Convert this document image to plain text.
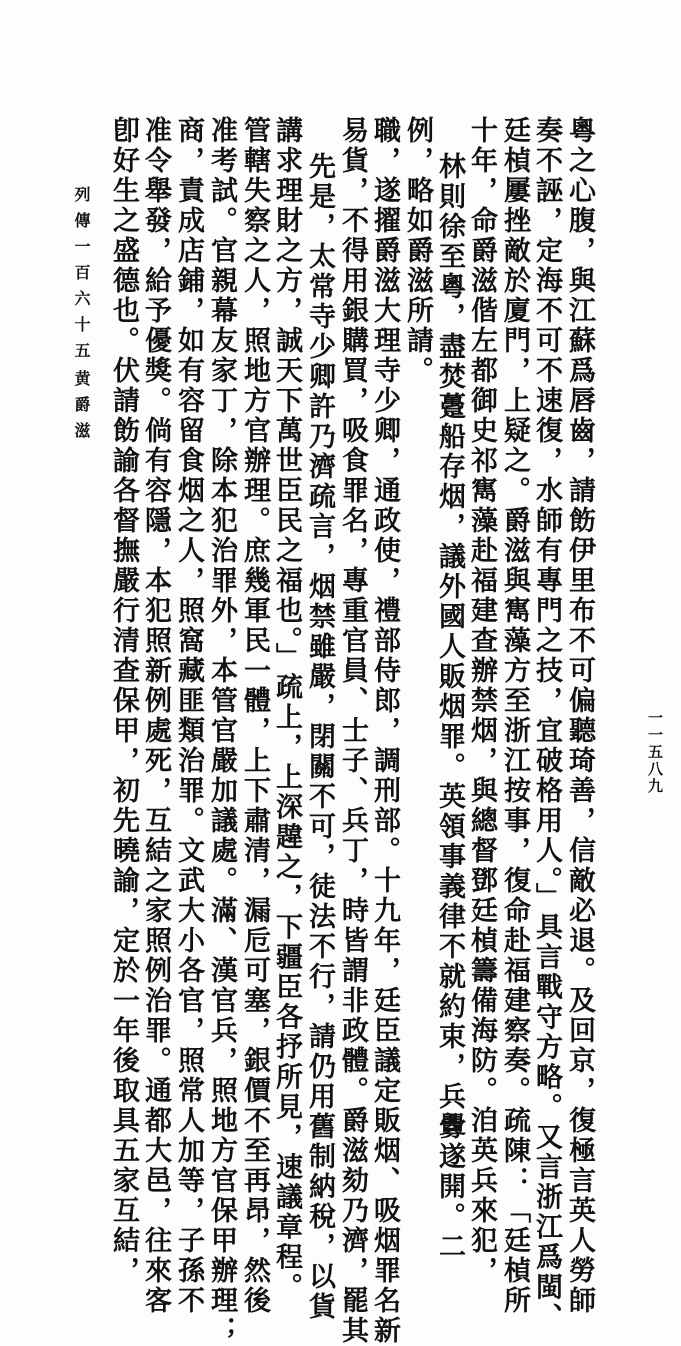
列傳一百六十五
黄爵滋
一一五八九
卽好生之盛德也。伏請飭諭各督撫嚴行清查保甲，初先曉諭，定於一年後取具五家互結， 准令舉發，給予優獎。倘有容隱，本犯照新例處死，互結之家照例治罪。通都大邑，往來客 商，責成店鋪，如有容留食烟之人，照窩藏匪類治罪。文武大小各官，照常人加等，子孫不 准考試。官親幕友家丁，除本犯治罪外，本管官嚴加議處。滿、漢官兵，照地方官保甲辦理； 管轄失察之人，照地方官辦理。庶幾軍民一體，上下肅清，漏卮可塞，銀價不至再昂，然後 講求理財之方，誠天下萬世臣民之福也。」疏上，上深韙之，下疆臣各抒所見，速議章程。 先是，太常寺少卿許乃濟疏言，烟禁雖嚴，閉關不可，徒法不行，請仍用舊制納稅，以貨 易貨，不得用銀購買，吸食罪名，專重官員、士子、兵丁，時皆謂非政體。爵滋劾乃濟，罷其 職，遂擢爵滋大理寺少卿，通政使，禮部侍郎，調刑部。十九年，廷臣議定販烟、吸烟罪名新 例，略如爵滋所請。 林則徐至粵，盡焚躉船存烟，議外國人販烟罪。英領事義律不就約束，兵釁遂開。二 十年，命爵滋偕左都御史祁寯藻赴福建查辦禁烟，與總督鄧廷楨籌備海防。洎英兵來犯， 廷楨屢挫敵於廈門，上疑之。爵滋與寯藻方至浙江按事，復命赴福建察奏。疏陳：「廷楨所 奏不誣，定海不可不速復，水師有專門之技，宜破格用人。」具言戰守方略。又言浙江爲閩、 粵之心腹，與江蘇爲唇齒，請飭伊里布不可偏聽琦善，信敵必退。及回京，復極言英人勞師
